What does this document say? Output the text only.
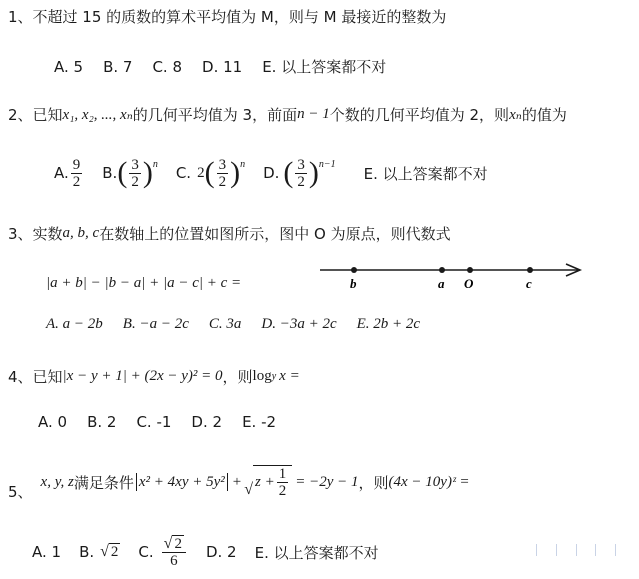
1、不超过 15 的质数的算术平均值为 M，则与 M 最接近的整数为
A. 5 B. 7 C. 8 D. 11 E. 以上答案都不对
2、已知 x₁, x₂, ..., xₙ 的几何平均值为 3，前面 n − 1 个数的几何平均值为 2，则 xₙ 的值为
A. $\frac{9}{2} B$. ( $\frac{3}{2}$ ) n C. 2 ( $\frac{3}{2}$ ) n D. ( $\frac{3}{2}$ ) n−1
E. 以上答案都不对
3、实数 a, b, c 在数轴上的位置如图所示，图中 O 为原点，则代数式
|a + b| − |b − a| + |a − c| + c =	b	a O	c
A. a − 2b B. −a − 2c C. 3a D. −3a + 2c E. 2b + 2c
4、已知 |x − y + 1| + (2x − y)² = 0 ，则 log y x =
A. 0 B. 2 C. -1 D. 2 E. -2
5、
x, y, z 满足条件 x² + 4xy + 5y² + √ $z + \frac{1}{2} = -2y - 1$ ，则 (4x − 10y)ᶻ =
A. 1 B. √ 2 C. $\frac{√ 2}{6} D$. 2 E. 以上答案都不对
